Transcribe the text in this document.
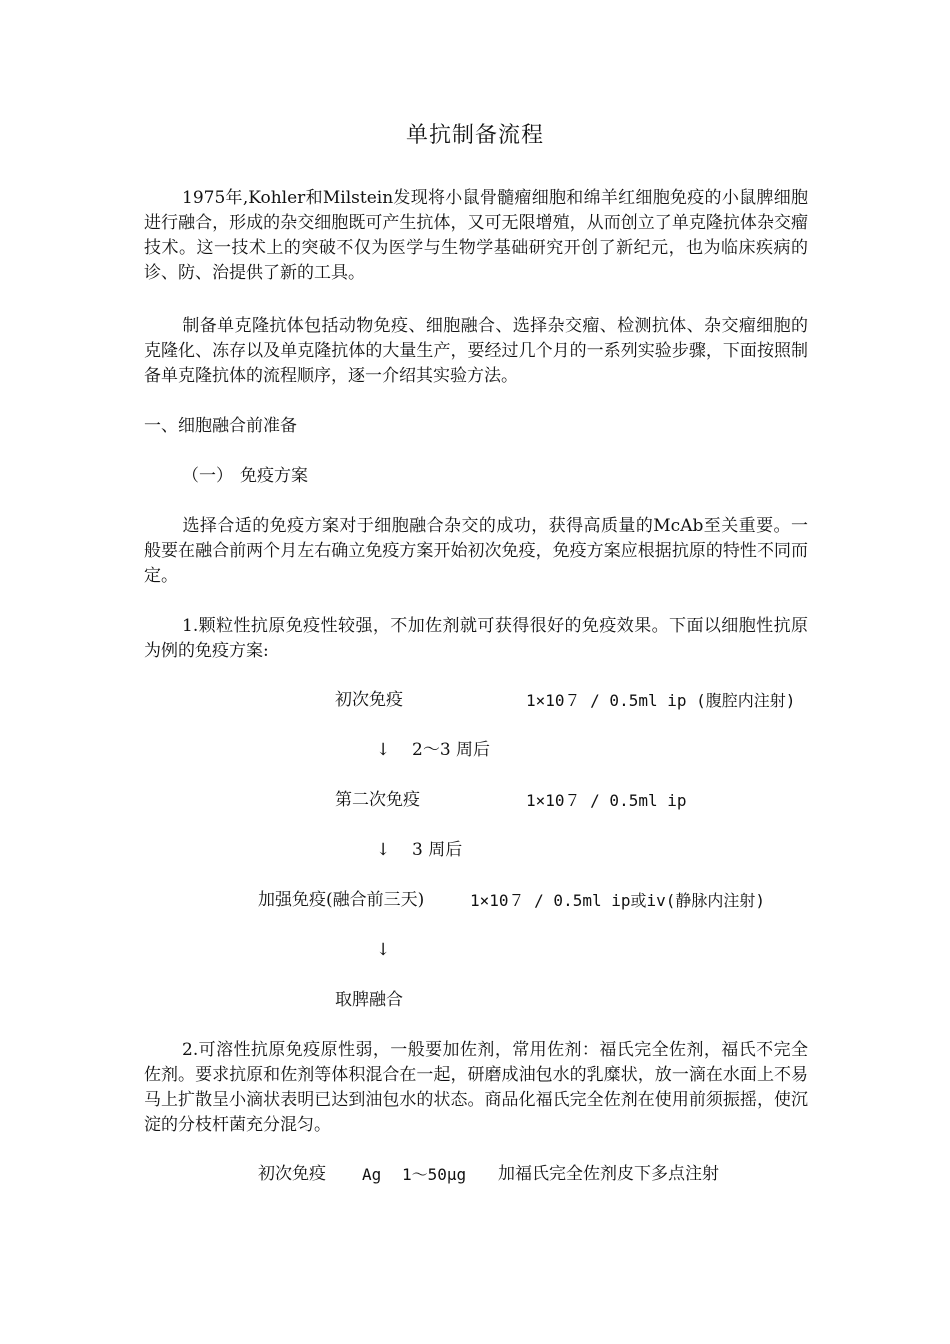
单抗制备流程
1975年,Kohler和Milstein发现将小鼠骨髓瘤细胞和绵羊红细胞免疫的小鼠脾细胞进行融合，形成的杂交细胞既可产生抗体，又可无限增殖，从而创立了单克隆抗体杂交瘤技术。这一技术上的突破不仅为医学与生物学基础研究开创了新纪元，也为临床疾病的诊、防、治提供了新的工具。
制备单克隆抗体包括动物免疫、细胞融合、选择杂交瘤、检测抗体、杂交瘤细胞的克隆化、冻存以及单克隆抗体的大量生产，要经过几个月的一系列实验步骤，下面按照制备单克隆抗体的流程顺序，逐一介绍其实验方法。
一、细胞融合前准备
（一） 免疫方案
选择合适的免疫方案对于细胞融合杂交的成功，获得高质量的McAb至关重要。一般要在融合前两个月左右确立免疫方案开始初次免疫，免疫方案应根据抗原的特性不同而定。
1.颗粒性抗原免疫性较强，不加佐剂就可获得很好的免疫效果。下面以细胞性抗原为例的免疫方案:
初次免疫	1×10７ / 0.5ml ip (腹腔内注射)
↓ 2～3 周后
第二次免疫	1×10７ / 0.5ml ip
↓ 3 周后
加强免疫(融合前三天)	1×10７ / 0.5ml ip或iv(静脉内注射)
↓
取脾融合
2.可溶性抗原免疫原性弱，一般要加佐剂，常用佐剂：福氏完全佐剂，福氏不完全佐剂。要求抗原和佐剂等体积混合在一起，研磨成油包水的乳糜状，放一滴在水面上不易马上扩散呈小滴状表明已达到油包水的状态。商品化福氏完全佐剂在使用前须振摇，使沉淀的分枝杆菌充分混匀。
初次免疫 Ag 1～50μg 加福氏完全佐剂皮下多点注射
